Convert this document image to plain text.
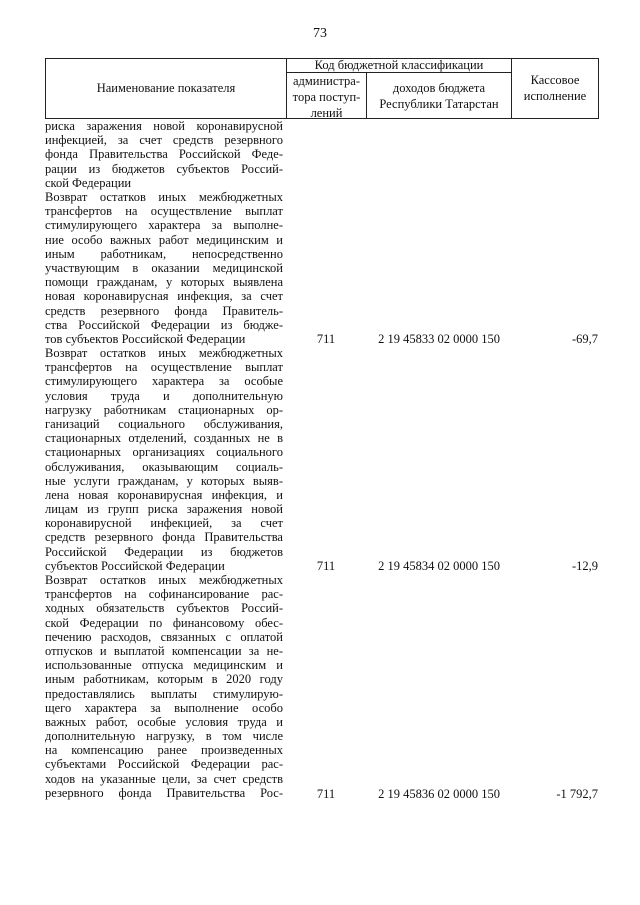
73
Наименование показателя
Код бюджетной классификации
администра-
тора поступ-
лений
доходов бюджета
Республики Татарстан
Кассовое
исполнение
риска заражения новой коронавирусной
инфекцией, за счет средств резервного
фонда Правительства Российской Феде-
рации из бюджетов субъектов Россий-
ской Федерации
Возврат остатков иных межбюджетных
трансфертов на осуществление выплат
стимулирующего характера за выполне-
ние особо важных работ медицинским и
иным работникам, непосредственно
участвующим в оказании медицинской
помощи гражданам, у которых выявлена
новая коронавирусная инфекция, за счет
средств резервного фонда Правитель-
ства Российской Федерации из бюдже-
тов субъектов Российской Федерации	711	2 19 45833 02 0000 150	-69,7
Возврат остатков иных межбюджетных
трансфертов на осуществление выплат
стимулирующего характера за особые
условия труда и дополнительную
нагрузку работникам стационарных ор-
ганизаций социального обслуживания,
стационарных отделений, созданных не в
стационарных организациях социального
обслуживания, оказывающим социаль-
ные услуги гражданам, у которых выяв-
лена новая коронавирусная инфекция, и
лицам из групп риска заражения новой
коронавирусной инфекцией, за счет
средств резервного фонда Правительства
Российской Федерации из бюджетов
субъектов Российской Федерации	711	2 19 45834 02 0000 150	-12,9
Возврат остатков иных межбюджетных
трансфертов на софинансирование рас-
ходных обязательств субъектов Россий-
ской Федерации по финансовому обес-
печению расходов, связанных с оплатой
отпусков и выплатой компенсации за не-
использованные отпуска медицинским и
иным работникам, которым в 2020 году
предоставлялись выплаты стимулирую-
щего характера за выполнение особо
важных работ, особые условия труда и
дополнительную нагрузку, в том числе
на компенсацию ранее произведенных
субъектами Российской Федерации рас-
ходов на указанные цели, за счет средств
резервного фонда Правительства Рос-	711	2 19 45836 02 0000 150	-1 792,7
